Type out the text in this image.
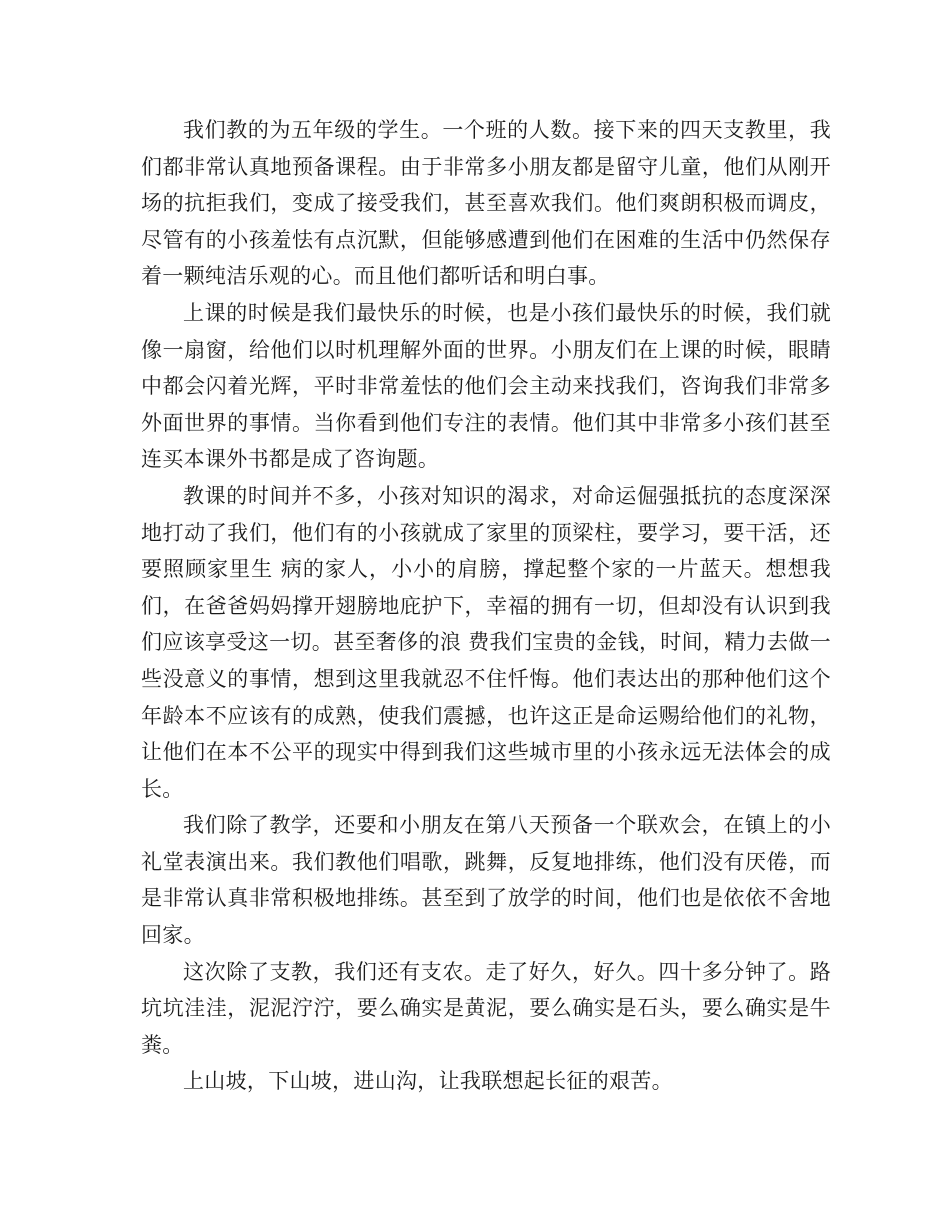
我们教的为五年级的学生。一个班的人数。接下来的四天支教里，我们都非常认真地预备课程。由于非常多小朋友都是留守儿童，他们从刚开场的抗拒我们，变成了接受我们，甚至喜欢我们。他们爽朗积极而调皮，尽管有的小孩羞怯有点沉默，但能够感遭到他们在困难的生活中仍然保存着一颗纯洁乐观的心。而且他们都听话和明白事。

上课的时候是我们最快乐的时候，也是小孩们最快乐的时候，我们就像一扇窗，给他们以时机理解外面的世界。小朋友们在上课的时候，眼睛中都会闪着光辉，平时非常羞怯的他们会主动来找我们，咨询我们非常多外面世界的事情。当你看到他们专注的表情。他们其中非常多小孩们甚至连买本课外书都是成了咨询题。

教课的时间并不多，小孩对知识的渴求，对命运倔强抵抗的态度深深地打动了我们，他们有的小孩就成了家里的顶梁柱，要学习，要干活，还要照顾家里生 病的家人，小小的肩膀，撑起整个家的一片蓝天。想想我们，在爸爸妈妈撑开翅膀地庇护下，幸福的拥有一切，但却没有认识到我们应该享受这一切。甚至奢侈的浪 费我们宝贵的金钱，时间，精力去做一些没意义的事情，想到这里我就忍不住忏悔。他们表达出的那种他们这个年龄本不应该有的成熟，使我们震撼，也许这正是命运赐给他们的礼物，让他们在本不公平的现实中得到我们这些城市里的小孩永远无法体会的成长。

我们除了教学，还要和小朋友在第八天预备一个联欢会，在镇上的小礼堂表演出来。我们教他们唱歌，跳舞，反复地排练，他们没有厌倦，而是非常认真非常积极地排练。甚至到了放学的时间，他们也是依依不舍地回家。

这次除了支教，我们还有支农。走了好久，好久。四十多分钟了。路坑坑洼洼，泥泥泞泞，要么确实是黄泥，要么确实是石头，要么确实是牛粪。

上山坡，下山坡，进山沟，让我联想起长征的艰苦。
